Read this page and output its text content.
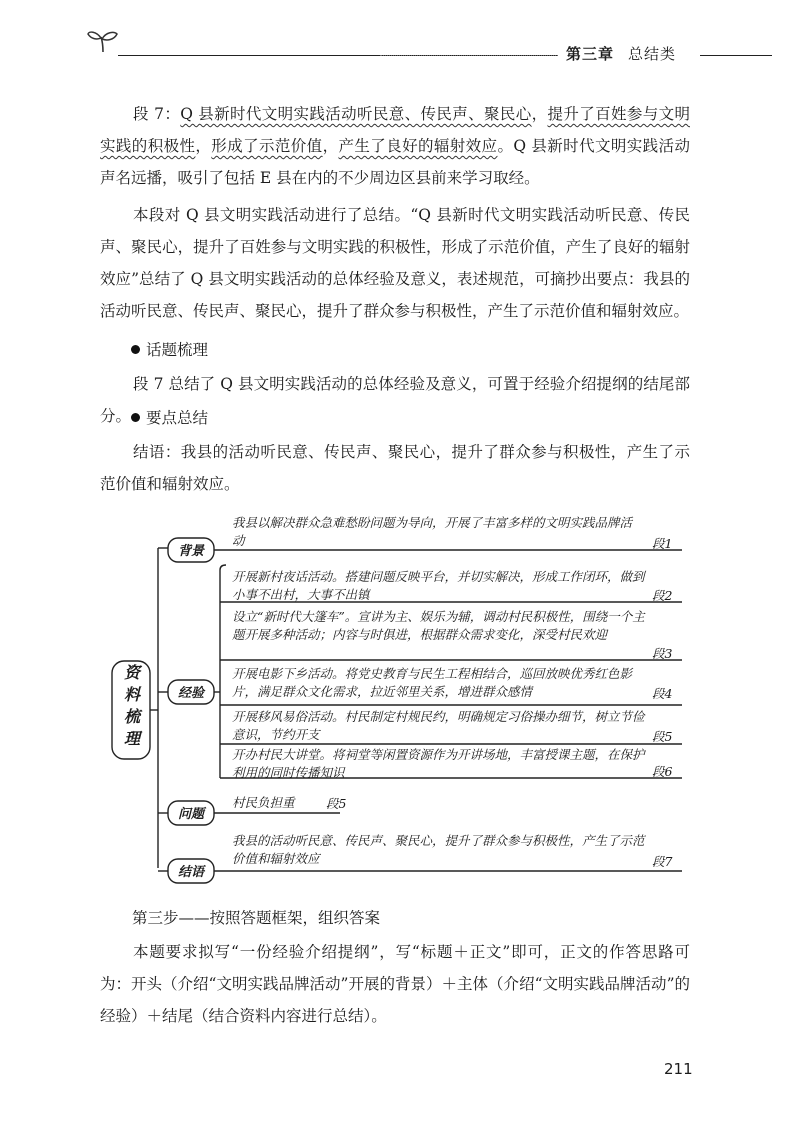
第三章 总结类
段 7：Q 县新时代文明实践活动听民意、传民声、聚民心，提升了百姓参与文明实践的积极性，形成了示范价值，产生了良好的辐射效应。Q 县新时代文明实践活动声名远播，吸引了包括 E 县在内的不少周边区县前来学习取经。
本段对 Q 县文明实践活动进行了总结。“Q 县新时代文明实践活动听民意、传民声、聚民心，提升了百姓参与文明实践的积极性，形成了示范价值，产生了良好的辐射效应”总结了 Q 县文明实践活动的总体经验及意义，表述规范，可摘抄出要点：我县的活动听民意、传民声、聚民心，提升了群众参与积极性，产生了示范价值和辐射效应。
话题梳理
段 7 总结了 Q 县文明实践活动的总体经验及意义，可置于经验介绍提纲的结尾部分。 要点总结
结语：我县的活动听民意、传民声、聚民心，提升了群众参与积极性，产生了示范价值和辐射效应。
资料梳理
背景
经验
问题
结语
我县以解决群众急难愁盼问题为导向，开展了丰富多样的文明实践品牌活动	段1
开展新村夜话活动。搭建问题反映平台，并切实解决，形成工作闭环，做到小事不出村，大事不出镇	段2
设立“新时代大篷车”。宣讲为主、娱乐为辅，调动村民积极性，围绕一个主题开展多种活动；内容与时俱进，根据群众需求变化，深受村民欢迎
段3
开展电影下乡活动。将党史教育与民生工程相结合，巡回放映优秀红色影片，满足群众文化需求，拉近邻里关系，增进群众感情	段4
开展移风易俗活动。村民制定村规民约，明确规定习俗操办细节，树立节俭意识，节约开支	段5
开办村民大讲堂。将祠堂等闲置资源作为开讲场地，丰富授课主题，在保护利用的同时传播知识	段6
村民负担重	段5
我县的活动听民意、传民声、聚民心，提升了群众参与积极性，产生了示范价值和辐射效应	段7
第三步——按照答题框架，组织答案
本题要求拟写“一份经验介绍提纲”，写“标题＋正文”即可，正文的作答思路可为：开头（介绍“文明实践品牌活动”开展的背景）＋主体（介绍“文明实践品牌活动”的经验）＋结尾（结合资料内容进行总结）。
211
